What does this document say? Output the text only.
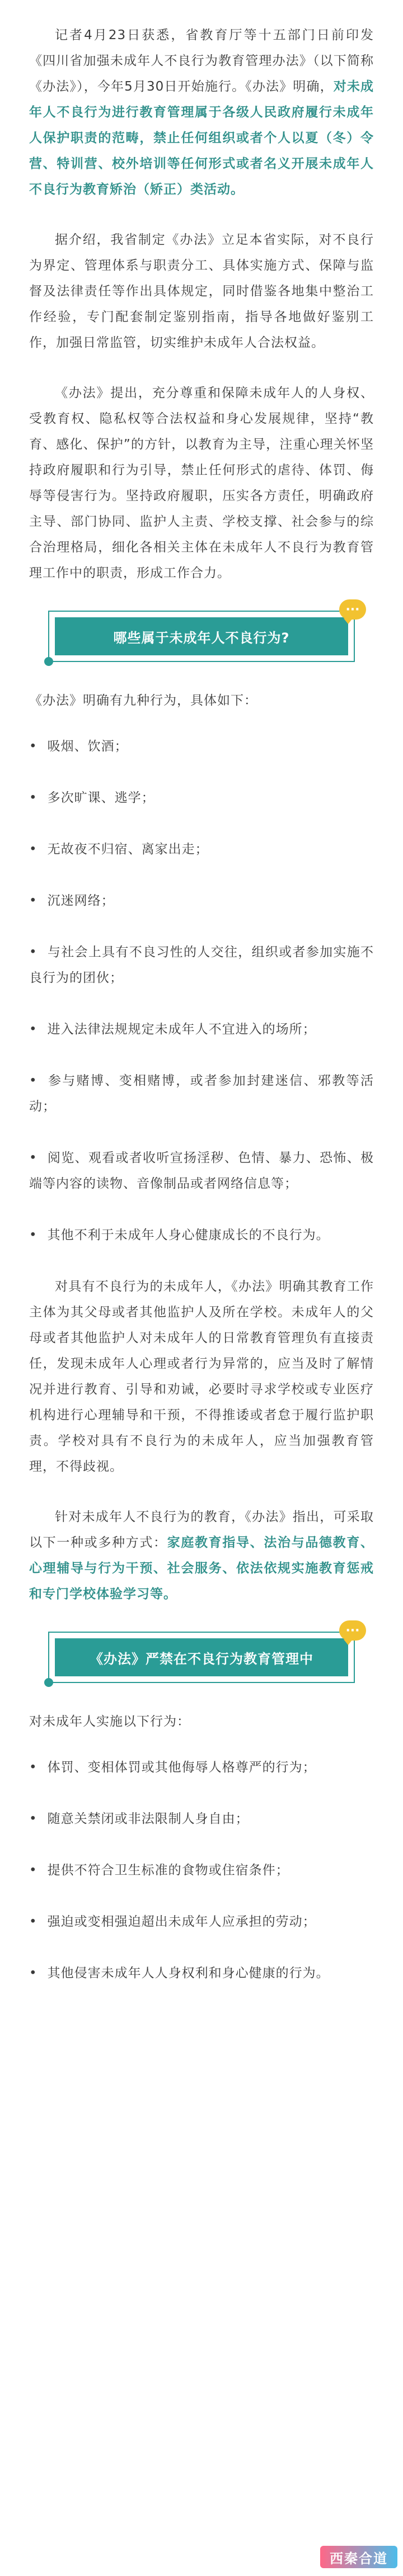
记者4月23日获悉，省教育厅等十五部门日前印发《四川省加强未成年人不良行为教育管理办法》（以下简称《办法》），今年5月30日开始施行。《办法》明确，对未成年人不良行为进行教育管理属于各级人民政府履行未成年人保护职责的范畴，禁止任何组织或者个人以夏（冬）令营、特训营、校外培训等任何形式或者名义开展未成年人不良行为教育矫治（矫正）类活动。

据介绍，我省制定《办法》立足本省实际，对不良行为界定、管理体系与职责分工、具体实施方式、保障与监督及法律责任等作出具体规定，同时借鉴各地集中整治工作经验，专门配套制定鉴别指南，指导各地做好鉴别工作，加强日常监管，切实维护未成年人合法权益。

《办法》提出，充分尊重和保障未成年人的人身权、受教育权、隐私权等合法权益和身心发展规律，坚持“教育、感化、保护”的方针，以教育为主导，注重心理关怀坚持政府履职和行为引导，禁止任何形式的虐待、体罚、侮辱等侵害行为。坚持政府履职，压实各方责任，明确政府主导、部门协同、监护人主责、学校支撑、社会参与的综合治理格局，细化各相关主体在未成年人不良行为教育管理工作中的职责，形成工作合力。

哪些属于未成年人不良行为?
···

《办法》明确有九种行为，具体如下：

• 吸烟、饮酒；
• 多次旷课、逃学；
• 无故夜不归宿、离家出走；
• 沉迷网络；
• 与社会上具有不良习性的人交往，组织或者参加实施不良行为的团伙；
• 进入法律法规规定未成年人不宜进入的场所；
• 参与赌博、变相赌博，或者参加封建迷信、邪教等活动；
• 阅览、观看或者收听宣扬淫秽、色情、暴力、恐怖、极端等内容的读物、音像制品或者网络信息等；
• 其他不利于未成年人身心健康成长的不良行为。

对具有不良行为的未成年人，《办法》明确其教育工作主体为其父母或者其他监护人及所在学校。未成年人的父母或者其他监护人对未成年人的日常教育管理负有直接责任，发现未成年人心理或者行为异常的，应当及时了解情况并进行教育、引导和劝诫，必要时寻求学校或专业医疗机构进行心理辅导和干预，不得推诿或者怠于履行监护职责。学校对具有不良行为的未成年人，应当加强教育管理，不得歧视。

针对未成年人不良行为的教育，《办法》指出，可采取以下一种或多种方式：家庭教育指导、法治与品德教育、心理辅导与行为干预、社会服务、依法依规实施教育惩戒和专门学校体验学习等。

《办法》严禁在不良行为教育管理中
···

对未成年人实施以下行为：

• 体罚、变相体罚或其他侮辱人格尊严的行为；
• 随意关禁闭或非法限制人身自由；
• 提供不符合卫生标准的食物或住宿条件；
• 强迫或变相强迫超出未成年人应承担的劳动；
• 其他侵害未成年人人身权利和身心健康的行为。
西秦合道
